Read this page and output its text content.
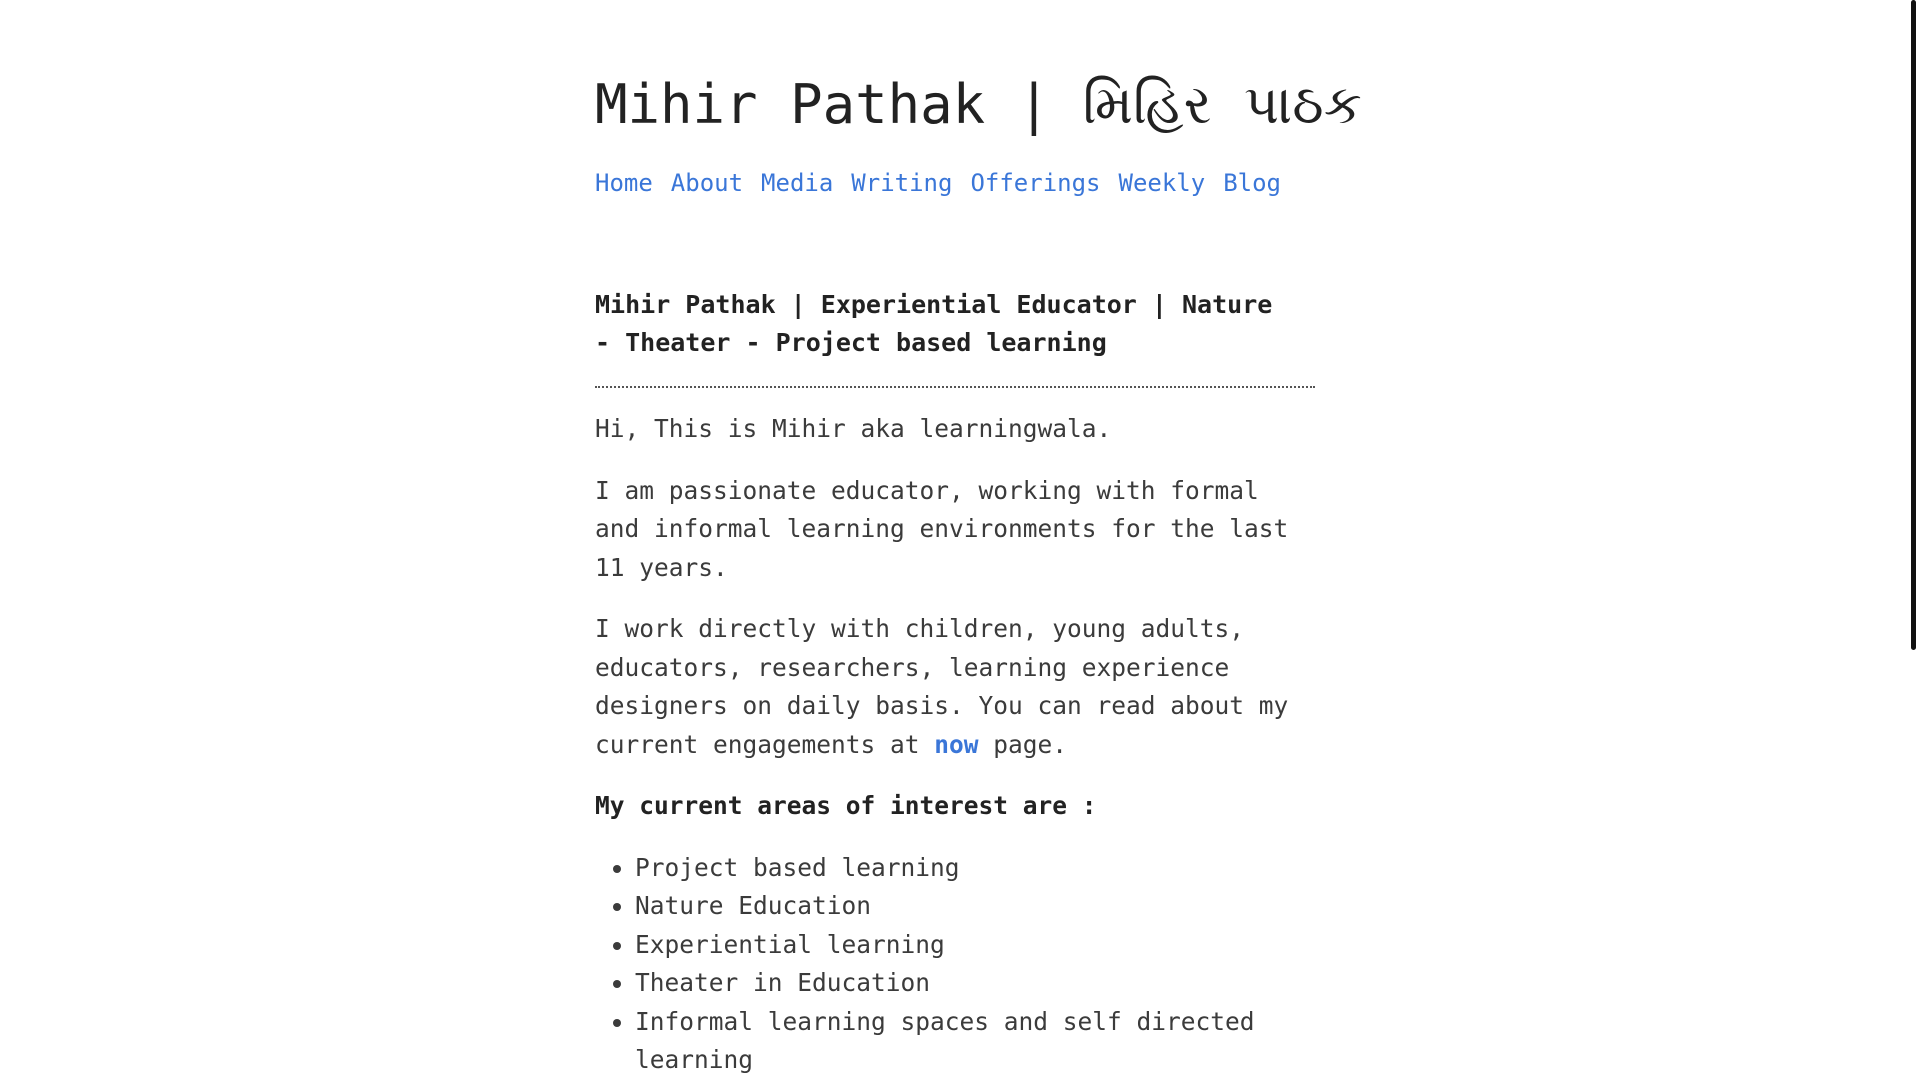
Mihir Pathak | મિહિર પાઠક
Home About Media Writing Offerings Weekly Blog
Mihir Pathak | Experiential Educator | Nature - Theater - Project based learning

Hi, This is Mihir aka learningwala.

I am passionate educator, working with formal and informal learning environments for the last 11 years.

I work directly with children, young adults, educators, researchers, learning experience designers on daily basis. You can read about my current engagements at now page.

My current areas of interest are :

• Project based learning
• Nature Education
• Experiential learning
• Theater in Education
• Informal learning spaces and self directed learning
